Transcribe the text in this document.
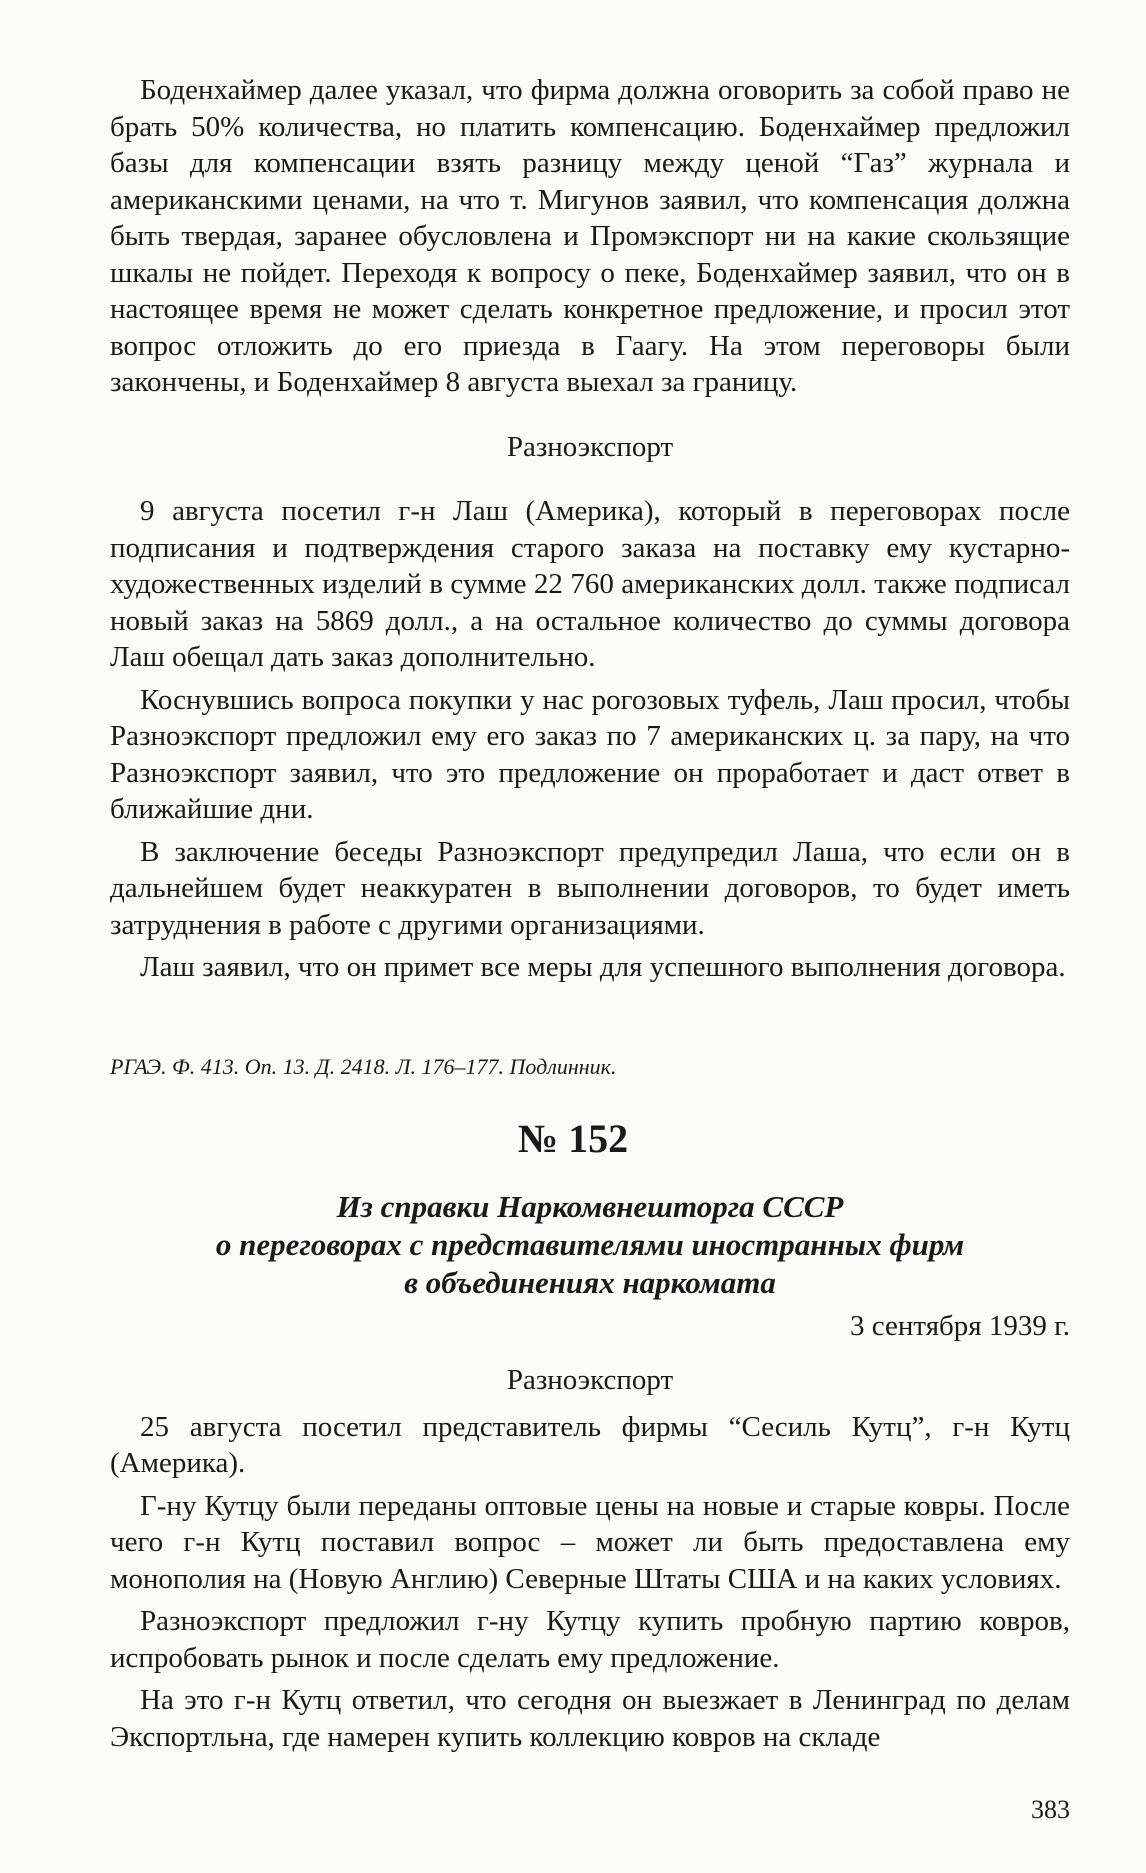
Боденхаймер далее указал, что фирма должна оговорить за собой право не брать 50% количества, но платить компенсацию. Боденхаймер предложил базы для компенсации взять разницу между ценой “Газ” журнала и американскими ценами, на что т. Мигунов заявил, что компенсация должна быть твердая, заранее обусловлена и Промэкспорт ни на какие скользящие шкалы не пойдет. Переходя к вопросу о пеке, Боденхаймер заявил, что он в настоящее время не может сделать конкретное предложение, и просил этот вопрос отложить до его приезда в Гаагу. На этом переговоры были закончены, и Боденхаймер 8 августа выехал за границу.

Разноэкспорт

9 августа посетил г-н Лаш (Америка), который в переговорах после подписания и подтверждения старого заказа на поставку ему кустарно-художественных изделий в сумме 22 760 американских долл. также подписал новый заказ на 5869 долл., а на остальное количество до суммы договора Лаш обещал дать заказ дополнительно.

Коснувшись вопроса покупки у нас рогозовых туфель, Лаш просил, чтобы Разноэкспорт предложил ему его заказ по 7 американских ц. за пару, на что Разноэкспорт заявил, что это предложение он проработает и даст ответ в ближайшие дни.

В заключение беседы Разноэкспорт предупредил Лаша, что если он в дальнейшем будет неаккуратен в выполнении договоров, то будет иметь затруднения в работе с другими организациями.

Лаш заявил, что он примет все меры для успешного выполнения договора.

РГАЭ. Ф. 413. Оп. 13. Д. 2418. Л. 176–177. Подлинник.
№ 152
Из справки Наркомвнешторга СССР
о переговорах с представителями иностранных фирм
в объединениях наркомата
3 сентября 1939 г.

Разноэкспорт

25 августа посетил представитель фирмы “Сесиль Кутц”, г-н Кутц (Америка).

Г-ну Кутцу были переданы оптовые цены на новые и старые ковры. После чего г-н Кутц поставил вопрос – может ли быть предоставлена ему монополия на (Новую Англию) Северные Штаты США и на каких условиях.

Разноэкспорт предложил г-ну Кутцу купить пробную партию ковров, испробовать рынок и после сделать ему предложение.

На это г-н Кутц ответил, что сегодня он выезжает в Ленинград по делам Экспортльна, где намерен купить коллекцию ковров на складе

383
